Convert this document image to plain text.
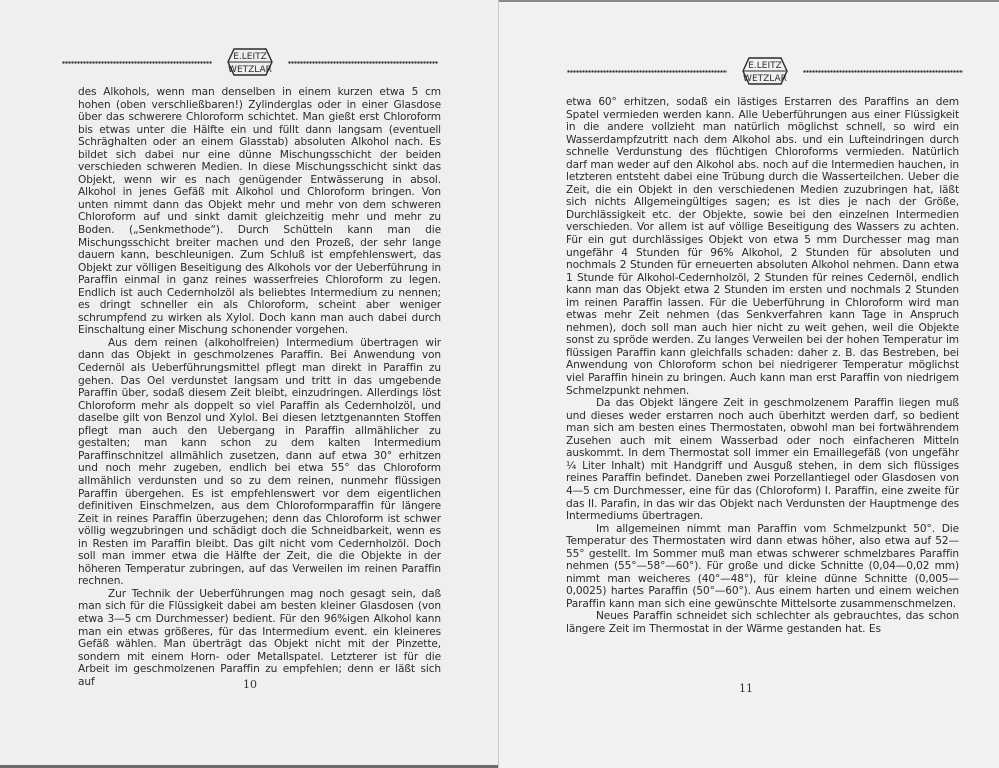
E.LEITZ
WETZLAR

des Alkohols, wenn man denselben in einem kurzen etwa 5 cm hohen (oben verschließbaren!) Zylinderglas oder in einer Glasdose über das schwerere Chloroform schichtet. Man gießt erst Chloroform bis etwas unter die Hälfte ein und füllt dann langsam (eventuell Schräghalten oder an einem Glasstab) absoluten Alkohol nach. Es bildet sich dabei nur eine dünne Mischungsschicht der beiden verschieden schweren Medien. In diese Mischungsschicht sinkt das Objekt, wenn wir es nach genügender Entwässerung in absol. Alkohol in jenes Gefäß mit Alkohol und Chloroform bringen. Von unten nimmt dann das Objekt mehr und mehr von dem schweren Chloroform auf und sinkt damit gleichzeitig mehr und mehr zu Boden. („Senkmethode“). Durch Schütteln kann man die Mischungsschicht breiter machen und den Prozeß, der sehr lange dauern kann, beschleunigen. Zum Schluß ist empfehlenswert, das Objekt zur völligen Beseitigung des Alkohols vor der Ueberführung in Paraffin einmal in ganz reines wasserfreies Chloroform zu legen. Endlich ist auch Cedernholzöl als beliebtes Intermedium zu nennen; es dringt schneller ein als Chloroform, scheint aber weniger schrumpfend zu wirken als Xylol. Doch kann man auch dabei durch Einschaltung einer Mischung schonender vorgehen.

Aus dem reinen (alkoholfreien) Intermedium übertragen wir dann das Objekt in geschmolzenes Paraffin. Bei Anwendung von Cedernöl als Ueberführungsmittel pflegt man direkt in Paraffin zu gehen. Das Oel verdunstet langsam und tritt in das umgebende Paraffin über, sodaß diesem Zeit bleibt, einzudringen. Allerdings löst Chloroform mehr als doppelt so viel Paraffin als Cedernholzöl, und daselbe gilt von Benzol und Xylol. Bei diesen letztgenannten Stoffen pflegt man auch den Uebergang in Paraffin allmählicher zu gestalten; man kann schon zu dem kalten Intermedium Paraffinschnitzel allmählich zusetzen, dann auf etwa 30° erhitzen und noch mehr zugeben, endlich bei etwa 55° das Chloroform allmählich verdunsten und so zu dem reinen, nunmehr flüssigen Paraffin übergehen. Es ist empfehlenswert vor dem eigentlichen definitiven Einschmelzen, aus dem Chloroformparaffin für längere Zeit in reines Paraffin überzugehen; denn das Chloroform ist schwer völlig wegzubringen und schädigt doch die Schneidbarkeit, wenn es in Resten im Paraffin bleibt. Das gilt nicht vom Cedernholzöl. Doch soll man immer etwa die Hälfte der Zeit, die die Objekte in der höheren Temperatur zubringen, auf das Verweilen im reinen Paraffin rechnen.

Zur Technik der Ueberführungen mag noch gesagt sein, daß man sich für die Flüssigkeit dabei am besten kleiner Glasdosen (von etwa 3—5 cm Durchmesser) bedient. Für den 96%igen Alkohol kann man ein etwas größeres, für das Intermedium event. ein kleineres Gefäß wählen. Man überträgt das Objekt nicht mit der Pinzette, sondern mit einem Horn- oder Metallspatel. Letzterer ist für die Arbeit im geschmolzenen Paraffin zu empfehlen; denn er läßt sich auf	10
E.LEITZ
WETZLAR

etwa 60° erhitzen, sodaß ein lästiges Erstarren des Paraffins an dem Spatel vermieden werden kann. Alle Ueberführungen aus einer Flüssigkeit in die andere vollzieht man natürlich möglichst schnell, so wird ein Wasserdampfzutritt nach dem Alkohol abs. und ein Lufteindringen durch schnelle Verdunstung des flüchtigen Chloroforms vermieden. Natürlich darf man weder auf den Alkohol abs. noch auf die Intermedien hauchen, in letzteren entsteht dabei eine Trübung durch die Wasserteilchen. Ueber die Zeit, die ein Objekt in den verschiedenen Medien zuzubringen hat, läßt sich nichts Allgemeingültiges sagen; es ist dies je nach der Größe, Durchlässigkeit etc. der Objekte, sowie bei den einzelnen Intermedien verschieden. Vor allem ist auf völlige Beseitigung des Wassers zu achten. Für ein gut durchlässiges Objekt von etwa 5 mm Durchesser mag man ungefähr 4 Stunden für 96% Alkohol, 2 Stunden für absoluten und nochmals 2 Stunden für erneuerten absoluten Alkohol nehmen. Dann etwa 1 Stunde für Alkohol-Cedernholzöl, 2 Stunden für reines Cedernöl, endlich kann man das Objekt etwa 2 Stunden im ersten und nochmals 2 Stunden im reinen Paraffin lassen. Für die Ueberführung in Chloroform wird man etwas mehr Zeit nehmen (das Senkverfahren kann Tage in Anspruch nehmen), doch soll man auch hier nicht zu weit gehen, weil die Objekte sonst zu spröde werden. Zu langes Verweilen bei der hohen Temperatur im flüssigen Paraffin kann gleichfalls schaden: daher z. B. das Bestreben, bei Anwendung von Chloroform schon bei niedrigerer Temperatur möglichst viel Paraffin hinein zu bringen. Auch kann man erst Paraffin von niedrigem Schmelzpunkt nehmen.

Da das Objekt längere Zeit in geschmolzenem Paraffin liegen muß und dieses weder erstarren noch auch überhitzt werden darf, so bedient man sich am besten eines Thermostaten, obwohl man bei fortwährendem Zusehen auch mit einem Wasserbad oder noch einfacheren Mitteln auskommt. In dem Thermostat soll immer ein Emaillegefäß (von ungefähr ¼ Liter Inhalt) mit Handgriff und Ausguß stehen, in dem sich flüssiges reines Paraffin befindet. Daneben zwei Porzellantiegel oder Glasdosen von 4—5 cm Durchmesser, eine für das (Chloroform) I. Paraffin, eine zweite für das II. Parafin, in das wir das Objekt nach Verdunsten der Hauptmenge des Intermediums übertragen.

Im allgemeinen nimmt man Paraffin vom Schmelzpunkt 50°. Die Temperatur des Thermostaten wird dann etwas höher, also etwa auf 52—55° gestellt. Im Sommer muß man etwas schwerer schmelzbares Paraffin nehmen (55°—58°—60°). Für große und dicke Schnitte (0,04—0,02 mm) nimmt man weicheres (40°—48°), für kleine dünne Schnitte (0,005—0,0025) hartes Paraffin (50°—60°). Aus einem harten und einem weichen Paraffin kann man sich eine gewünschte Mittelsorte zusammenschmelzen.

Neues Paraffin schneidet sich schlechter als gebrauchtes, das schon längere Zeit im Thermostat in der Wärme gestanden hat. Es

11
